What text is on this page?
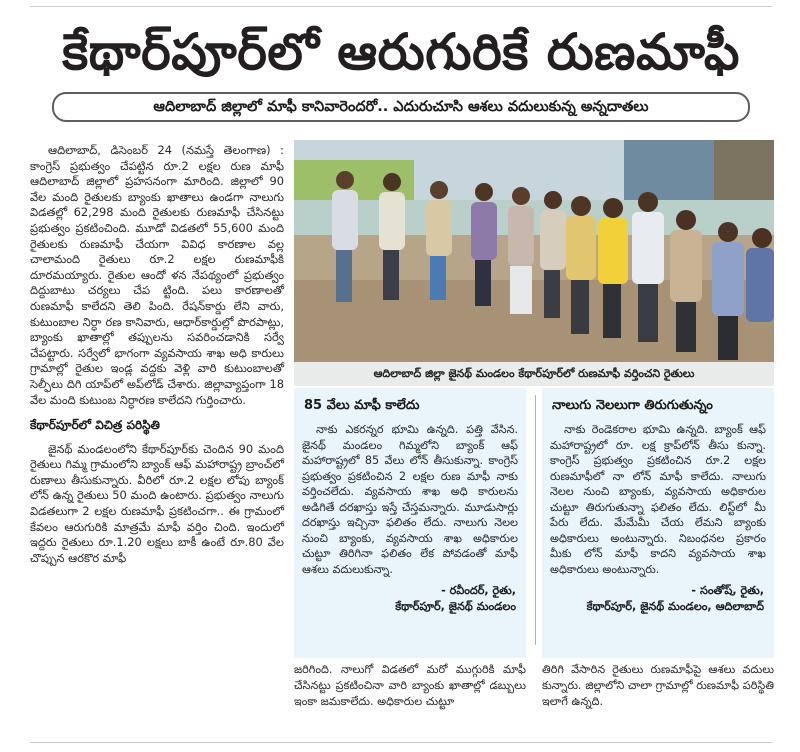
కేథార్‌పూర్‌లో ఆరుగురికే రుణమాఫీ
ఆదిలాబాద్ జిల్లాలో మాఫీ కానివారెందరో.. ఎదురుచూసి ఆశలు వదులుకున్న అన్నదాతలు

ఆదిలాబాద్, డిసెంబర్ 24 (నమస్తే తెలంగాణ) : కాంగ్రెస్ ప్రభుత్వం చేపట్టిన రూ.2 లక్షల రుణ మాఫీ ఆదిలాబాద్ జిల్లాలో ప్రహసనంగా మారింది. జిల్లాలో 90 వేల మంది రైతులకు బ్యాంకు ఖాతాలు ఉండగా నాలుగు విడతల్లో 62,298 మంది రైతులకు రుణమాఫీ చేసినట్టు ప్రభుత్వం ప్రకటించింది. మూడో విడతలో 55,600 మంది రైతులకు రుణమాఫీ చేయగా వివిధ కారణాల వల్ల చాలామంది రైతులు రూ.2 లక్షల రుణమాఫీకి దూరమయ్యారు. రైతుల ఆందో ళన నేపథ్యంలో ప్రభుత్వం దిద్దుబాటు చర్యలు చేప ట్టింది. పలు కారణాలతో రుణమాఫీ కాలేదని తెలి పింది. రేషన్‌కార్డు లేని వారు, కుటుంబాల నిర్ధా రణ కానివారు, ఆధార్‌కార్డుల్లో పొరపాట్లు, బ్యాంకు ఖాతాల్లో తప్పులను సవరించడానికి సర్వే చేపట్టారు. సర్వేలో భాగంగా వ్యవసాయ శాఖ అధి కారులు గ్రామాల్లో రైతుల ఇండ్ల వద్దకు వెళ్లి వారి కుటుంబాలతో సెల్ఫీలు దిగి యాప్‌లో అప్‌లోడ్ చేశారు. జిల్లావ్యాప్తంగా 18 వేల మంది కుటుంబ నిర్ధారణ కాలేదని గుర్తించారు.

కేథార్‌పూర్‌లో విచిత్ర పరిస్థితి

జైనథ్ మండలంలోని కేథార్‌పూర్‌కు చెందిన 90 మంది రైతులు గిమ్మ గ్రామంలోని బ్యాంక్ ఆఫ్ మహారాష్ట్ర బ్రాంచ్‌లో రుణాలు తీసుకున్నారు. వీరిలో రూ.2 లక్షల లోపు బ్యాంక్ లోన్ ఉన్న రైతులు 50 మంది ఉంటారు. ప్రభుత్వం నాలుగు విడతలుగా 2 లక్షల రుణమాఫీ ప్రకటించగా.. ఈ గ్రామంలో కేవలం ఆరుగురికి మాత్రమే మాఫీ వర్తిం చింది. ఇందులో ఇద్దరు రైతులు రూ.1.20 లక్షలు బాకీ ఉంటే రూ.80 వేల చొప్పున ఆరకొర మాఫీ

ఆదిలాబాద్ జిల్లా జైనథ్ మండలం కేథార్‌పూర్‌లో రుణమాఫీ వర్తించని రైతులు
85 వేలు మాఫీ కాలేదు
నాకు ఎకరన్నర భూమి ఉన్నది. పత్తి వేసిన. జైనథ్ మండలం గిమ్మలోని బ్యాంక్ ఆఫ్ మహారాష్ట్రలో 85 వేలు లోన్ తీసుకున్నా. కాంగ్రెస్ ప్రభుత్వం ప్రకటించిన 2 లక్షల రుణ మాఫీ నాకు వర్తించలేదు. వ్యవసాయ శాఖ అధి కారులను అడిగితే దరఖాస్తు ఇస్తే చేస్తమన్నారు. మూడుసార్లు దరఖాస్తు ఇచ్చినా ఫలితం లేదు. నాలుగు నెలల నుంచి బ్యాంకు, వ్యవసాయ శాఖ అధికారుల చుట్టూ తిరిగినా ఫలితం లేక పోవడంతో మాఫీ ఆశలు వదులుకున్నా.
- రవీందర్, రైతు,
కేథార్‌పూర్, జైనథ్ మండలం
నాలుగు నెలలుగా తిరుగుతున్నం
నాకు రెండెకరాల భూమి ఉన్నది. బ్యాంక్ ఆఫ్ మహారాష్ట్రలో రూ. లక్ష క్రాప్‌లోన్ తీసు కున్నా. కాంగ్రెస్ ప్రభుత్వం ప్రకటించిన రూ.2 లక్షల రుణమాఫీలో నా లోన్ మాఫీ కాలేదు. నాలుగు నెలల నుంచి బ్యాంకు, వ్యవసాయ అధికారుల చుట్టూ తిరుగుతున్నా ఫలితం లేదు. లిస్ట్‌లో మీ పేరు లేదు. మేమేమీ చేయ లేమని బ్యాంకు అధికారులు అంటున్నారు. నిబంధనల ప్రకారం మీకు లోన్ మాఫీ కాదని వ్యవసాయ శాఖ అధికారులు అంటున్నారు.
- సంతోష్, రైతు,
కేథార్‌పూర్, జైనథ్ మండలం, ఆదిలాబాద్
జరిగింది. నాలుగో విడతలో మరో ముగ్గురికి మాఫీ చేసినట్టు ప్రకటించినా వారి బ్యాంకు ఖాతాల్లో డబ్బులు ఇంకా జమకాలేదు. అధికారుల చుట్టూ
తిరిగి వేసారిన రైతులు రుణమాఫీపై ఆశలు వదులు కున్నారు. జిల్లాలోని చాలా గ్రామాల్లో రుణమాఫీ పరిస్థితి ఇలాగే ఉన్నది.
